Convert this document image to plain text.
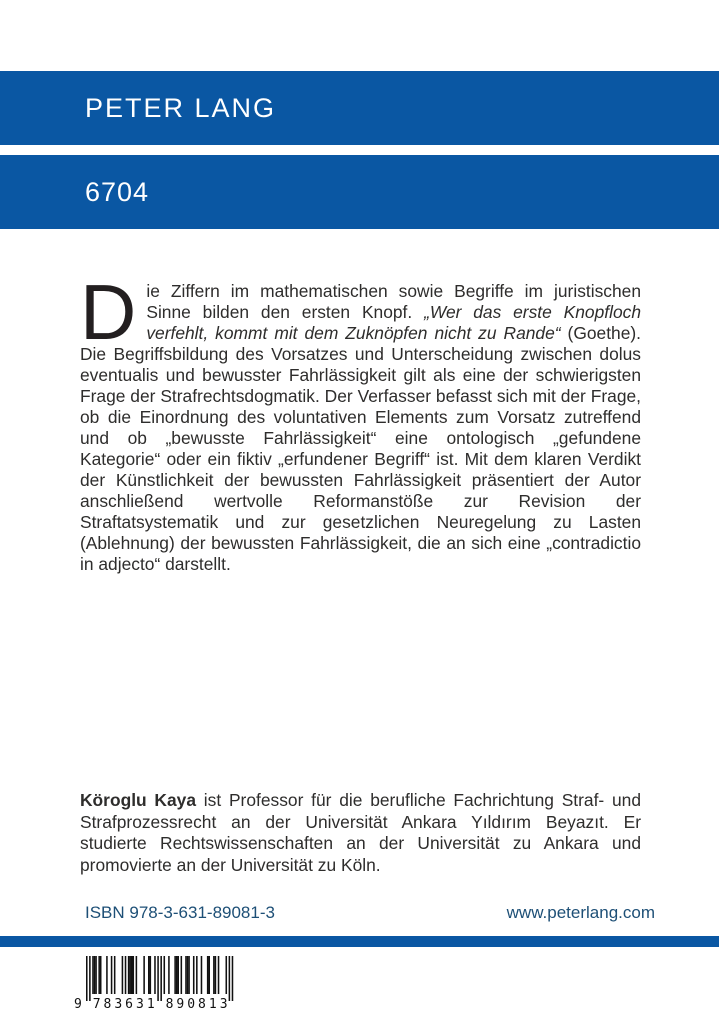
PETER LANG
6704
Die Ziffern im mathematischen sowie Begriffe im juristischen Sinne bilden den ersten Knopf. „Wer das erste Knopfloch verfehlt, kommt mit dem Zuknöpfen nicht zu Rande“ (Goethe). Die Begriffsbildung des Vorsatzes und Unterscheidung zwischen dolus eventualis und bewusster Fahrlässigkeit gilt als eine der schwierigsten Frage der Strafrechtsdogmatik. Der Verfasser befasst sich mit der Frage, ob die Einordnung des voluntativen Elements zum Vorsatz zutreffend und ob „bewusste Fahrlässigkeit“ eine ontologisch „gefundene Kategorie“ oder ein fiktiv „erfundener Begriff“ ist. Mit dem klaren Verdikt der Künstlichkeit der bewussten Fahrlässigkeit präsentiert der Autor anschließend wertvolle Reformanstöße zur Revision der Straftatsystematik und zur gesetzlichen Neuregelung zu Lasten (Ablehnung) der bewussten Fahrlässigkeit, die an sich eine „contradictio in adjecto“ darstellt.
Köroglu Kaya ist Professor für die berufliche Fachrichtung Straf- und Strafprozessrecht an der Universität Ankara Yıldırım Beyazıt. Er studierte Rechtswissenschaften an der Universität zu Ankara und promovierte an der Universität zu Köln.
ISBN 978-3-631-89081-3	www.peterlang.com
9 783631 890813
